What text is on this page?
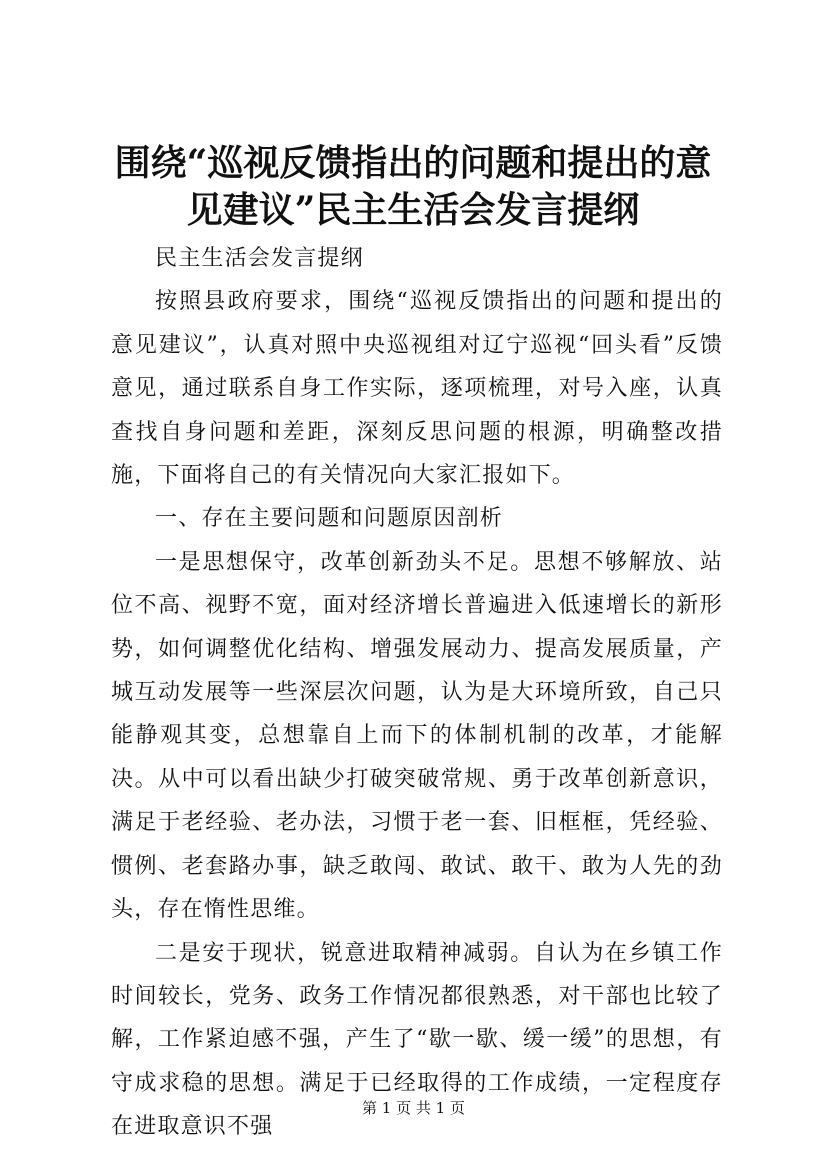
围绕“巡视反馈指出的问题和提出的意见建议”民主生活会发言提纲

民主生活会发言提纲

按照县政府要求，围绕“巡视反馈指出的问题和提出的意见建议”，认真对照中央巡视组对辽宁巡视“回头看”反馈意见，通过联系自身工作实际，逐项梳理，对号入座，认真查找自身问题和差距，深刻反思问题的根源，明确整改措施，下面将自己的有关情况向大家汇报如下。

一、存在主要问题和问题原因剖析

一是思想保守，改革创新劲头不足。思想不够解放、站位不高、视野不宽，面对经济增长普遍进入低速增长的新形势，如何调整优化结构、增强发展动力、提高发展质量，产城互动发展等一些深层次问题，认为是大环境所致，自己只能静观其变，总想靠自上而下的体制机制的改革，才能解决。从中可以看出缺少打破突破常规、勇于改革创新意识，满足于老经验、老办法，习惯于老一套、旧框框，凭经验、惯例、老套路办事，缺乏敢闯、敢试、敢干、敢为人先的劲头，存在惰性思维。

二是安于现状，锐意进取精神减弱。自认为在乡镇工作时间较长，党务、政务工作情况都很熟悉，对干部也比较了解，工作紧迫感不强，产生了“歇一歇、缓一缓”的思想，有守成求稳的思想。满足于已经取得的工作成绩，一定程度存在进取意识不强

第 1 页 共 1 页
